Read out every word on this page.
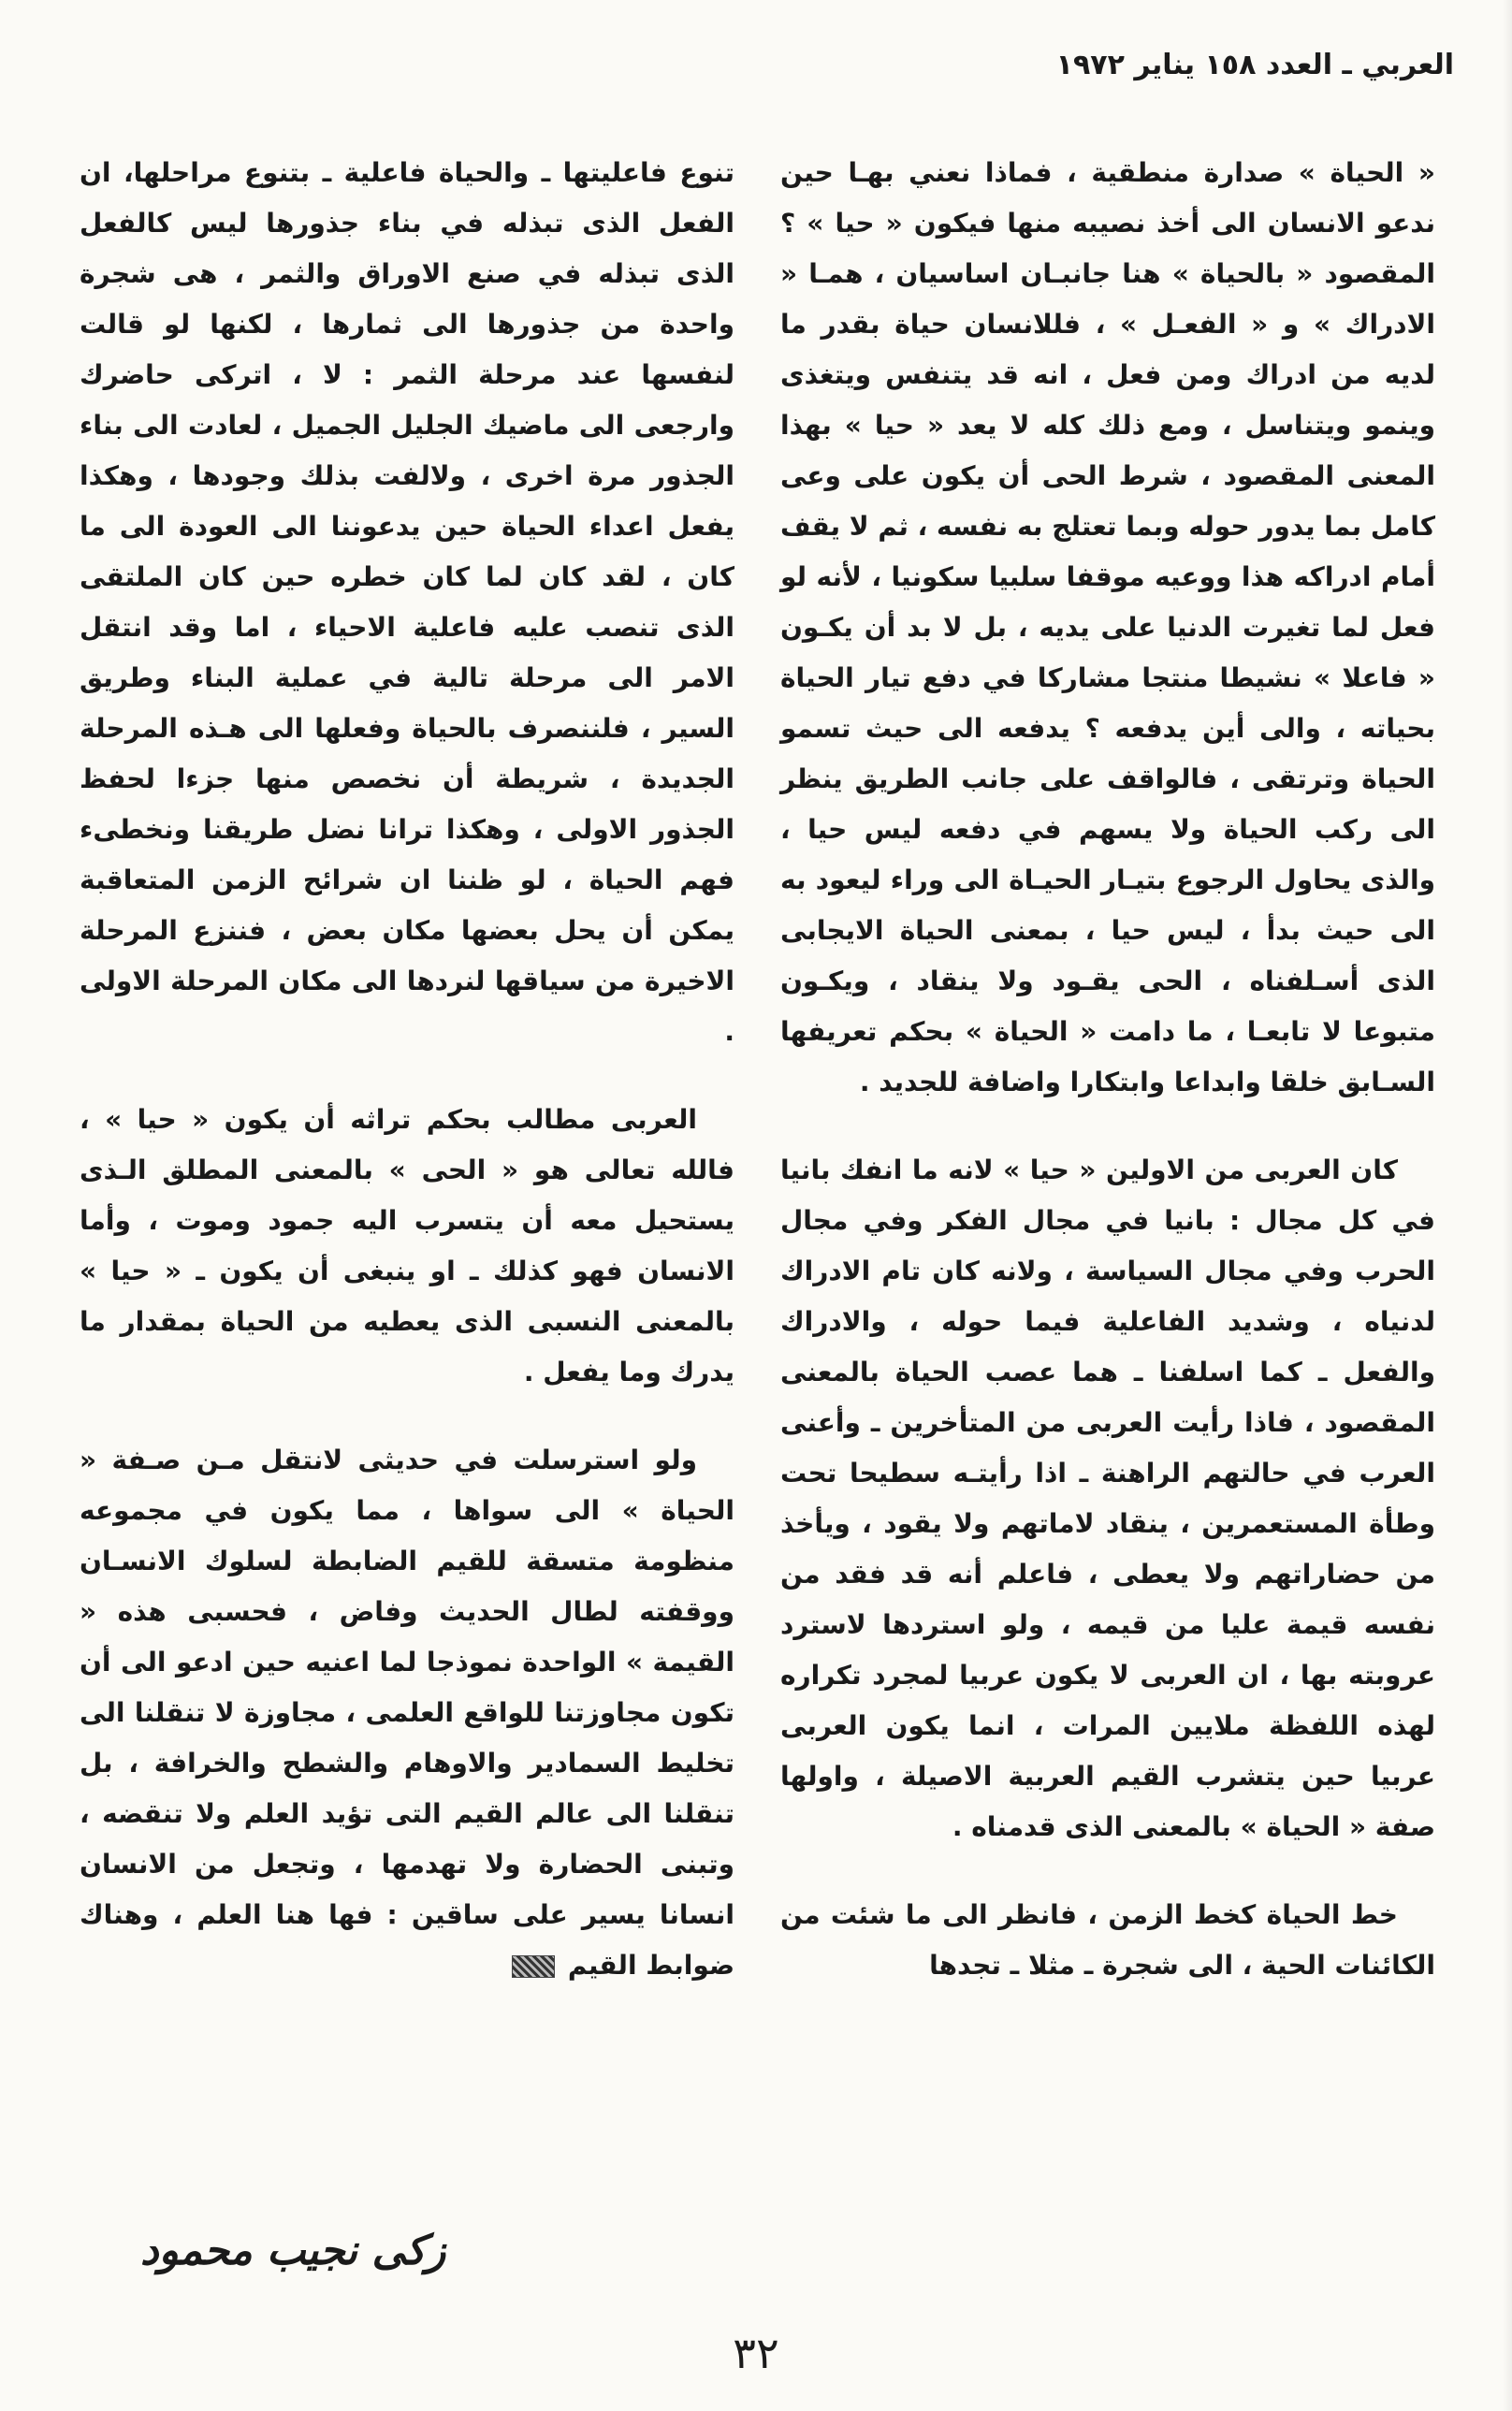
العربي ـ العدد ١٥٨ يناير ١٩٧٢

« الحياة » صدارة منطقية ، فماذا نعني بهـا حين ندعو الانسان الى أخذ نصيبه منها فيكون « حيا » ؟ المقصود « بالحياة » هنا جانبـان اساسيان ، همـا « الادراك » و « الفعـل » ، فللانسان حياة بقدر ما لديه من ادراك ومن فعل ، انه قد يتنفس ويتغذى وينمو ويتناسل ، ومع ذلك كله لا يعد « حيا » بهذا المعنى المقصود ، شرط الحى أن يكون على وعى كامل بما يدور حوله وبما تعتلج به نفسه ، ثم لا يقف أمام ادراكه هذا ووعيه موقفا سلبيا سكونيا ، لأنه لو فعل لما تغيرت الدنيا على يديه ، بل لا بد أن يكـون « فاعلا » نشيطا منتجا مشاركا في دفع تيار الحياة بحياته ، والى أين يدفعه ؟ يدفعه الى حيث تسمو الحياة وترتقى ، فالواقف على جانب الطريق ينظر الى ركب الحياة ولا يسهم في دفعه ليس حيا ، والذى يحاول الرجوع بتيـار الحيـاة الى وراء ليعود به الى حيث بدأ ، ليس حيا ، بمعنى الحياة الايجابى الذى أسـلفناه ، الحى يقـود ولا ينقاد ، ويكـون متبوعا لا تابعـا ، ما دامت « الحياة » بحكم تعريفها السـابق خلقا وابداعا وابتكارا واضافة للجديد .

كان العربى من الاولين « حيا » لانه ما انفك بانيا في كل مجال : بانيا في مجال الفكر وفي مجال الحرب وفي مجال السياسة ، ولانه كان تام الادراك لدنياه ، وشديد الفاعلية فيما حوله ، والادراك والفعل ـ كما اسلفنا ـ هما عصب الحياة بالمعنى المقصود ، فاذا رأيت العربى من المتأخرين ـ وأعنى العرب في حالتهم الراهنة ـ اذا رأيتـه سطيحا تحت وطأة المستعمرين ، ينقاد لاماتهم ولا يقود ، ويأخذ من حضاراتهم ولا يعطى ، فاعلم أنه قد فقد من نفسه قيمة عليا من قيمه ، ولو استردها لاسترد عروبته بها ، ان العربى لا يكون عربيا لمجرد تكراره لهذه اللفظة ملايين المرات ، انما يكون العربى عربيا حين يتشرب القيم العربية الاصيلة ، واولها صفة « الحياة » بالمعنى الذى قدمناه .

خط الحياة كخط الزمن ، فانظر الى ما شئت من الكائنات الحية ، الى شجرة ـ مثلا ـ تجدها

تنوع فاعليتها ـ والحياة فاعلية ـ بتنوع مراحلها، ان الفعل الذى تبذله في بناء جذورها ليس كالفعل الذى تبذله في صنع الاوراق والثمر ، هى شجرة واحدة من جذورها الى ثمارها ، لكنها لو قالت لنفسها عند مرحلة الثمر : لا ، اتركى حاضرك وارجعى الى ماضيك الجليل الجميل ، لعادت الى بناء الجذور مرة اخرى ، ولالفت بذلك وجودها ، وهكذا يفعل اعداء الحياة حين يدعوننا الى العودة الى ما كان ، لقد كان لما كان خطره حين كان الملتقى الذى تنصب عليه فاعلية الاحياء ، اما وقد انتقل الامر الى مرحلة تالية في عملية البناء وطريق السير ، فلننصرف بالحياة وفعلها الى هـذه المرحلة الجديدة ، شريطة أن نخصص منها جزءا لحفظ الجذور الاولى ، وهكذا ترانا نضل طريقنا ونخطىء فهم الحياة ، لو ظننا ان شرائح الزمن المتعاقبة يمكن أن يحل بعضها مكان بعض ، فننزع المرحلة الاخيرة من سياقها لنردها الى مكان المرحلة الاولى .

العربى مطالب بحكم تراثه أن يكون « حيا » ، فالله تعالى هو « الحى » بالمعنى المطلق الـذى يستحيل معه أن يتسرب اليه جمود وموت ، وأما الانسان فهو كذلك ـ او ينبغى أن يكون ـ « حيا » بالمعنى النسبى الذى يعطيه من الحياة بمقدار ما يدرك وما يفعل .

ولو استرسلت في حديثى لانتقل مـن صـفة « الحياة » الى سواها ، مما يكون في مجموعه منظومة متسقة للقيم الضابطة لسلوك الانسـان ووقفته لطال الحديث وفاض ، فحسبى هذه « القيمة » الواحدة نموذجا لما اعنيه حين ادعو الى أن تكون مجاوزتنا للواقع العلمى ، مجاوزة لا تنقلنا الى تخليط السمادير والاوهام والشطح والخرافة ، بل تنقلنا الى عالم القيم التى تؤيد العلم ولا تنقضه ، وتبنى الحضارة ولا تهدمها ، وتجعل من الانسان انسانا يسير على ساقين : فها هنا العلم ، وهناك ضوابط القيم

زكى نجيب محمود
٣٢
